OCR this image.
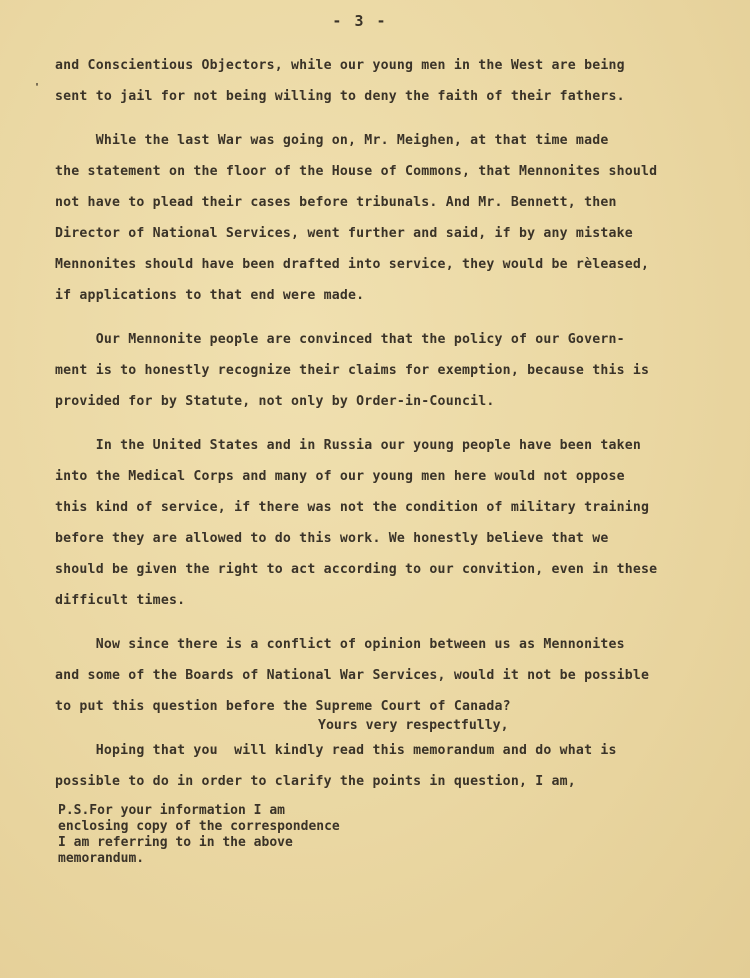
- 3 -
'
and Conscientious Objectors, while our young men in the West are being
sent to jail for not being willing to deny the faith of their fathers.
While the last War was going on, Mr. Meighen, at that time made
the statement on the floor of the House of Commons, that Mennonites should
not have to plead their cases before tribunals. And Mr. Bennett, then
Director of National Services, went further and said, if by any mistake
Mennonites should have been drafted into service, they would be rèleased,
if applications to that end were made.
Our Mennonite people are convinced that the policy of our Govern-
ment is to honestly recognize their claims for exemption, because this is
provided for by Statute, not only by Order-in-Council.
In the United States and in Russia our young people have been taken
into the Medical Corps and many of our young men here would not oppose
this kind of service, if there was not the condition of military training
before they are allowed to do this work. We honestly believe that we
should be given the right to act according to our convition, even in these
difficult times.
Now since there is a conflict of opinion between us as Mennonites
and some of the Boards of National War Services, would it not be possible
to put this question before the Supreme Court of Canada?
Hoping that you  will kindly read this memorandum and do what is
possible to do in order to clarify the points in question, I am,
Yours very respectfully,
P.S.For your information I am
enclosing copy of the correspondence
I am referring to in the above
memorandum.
